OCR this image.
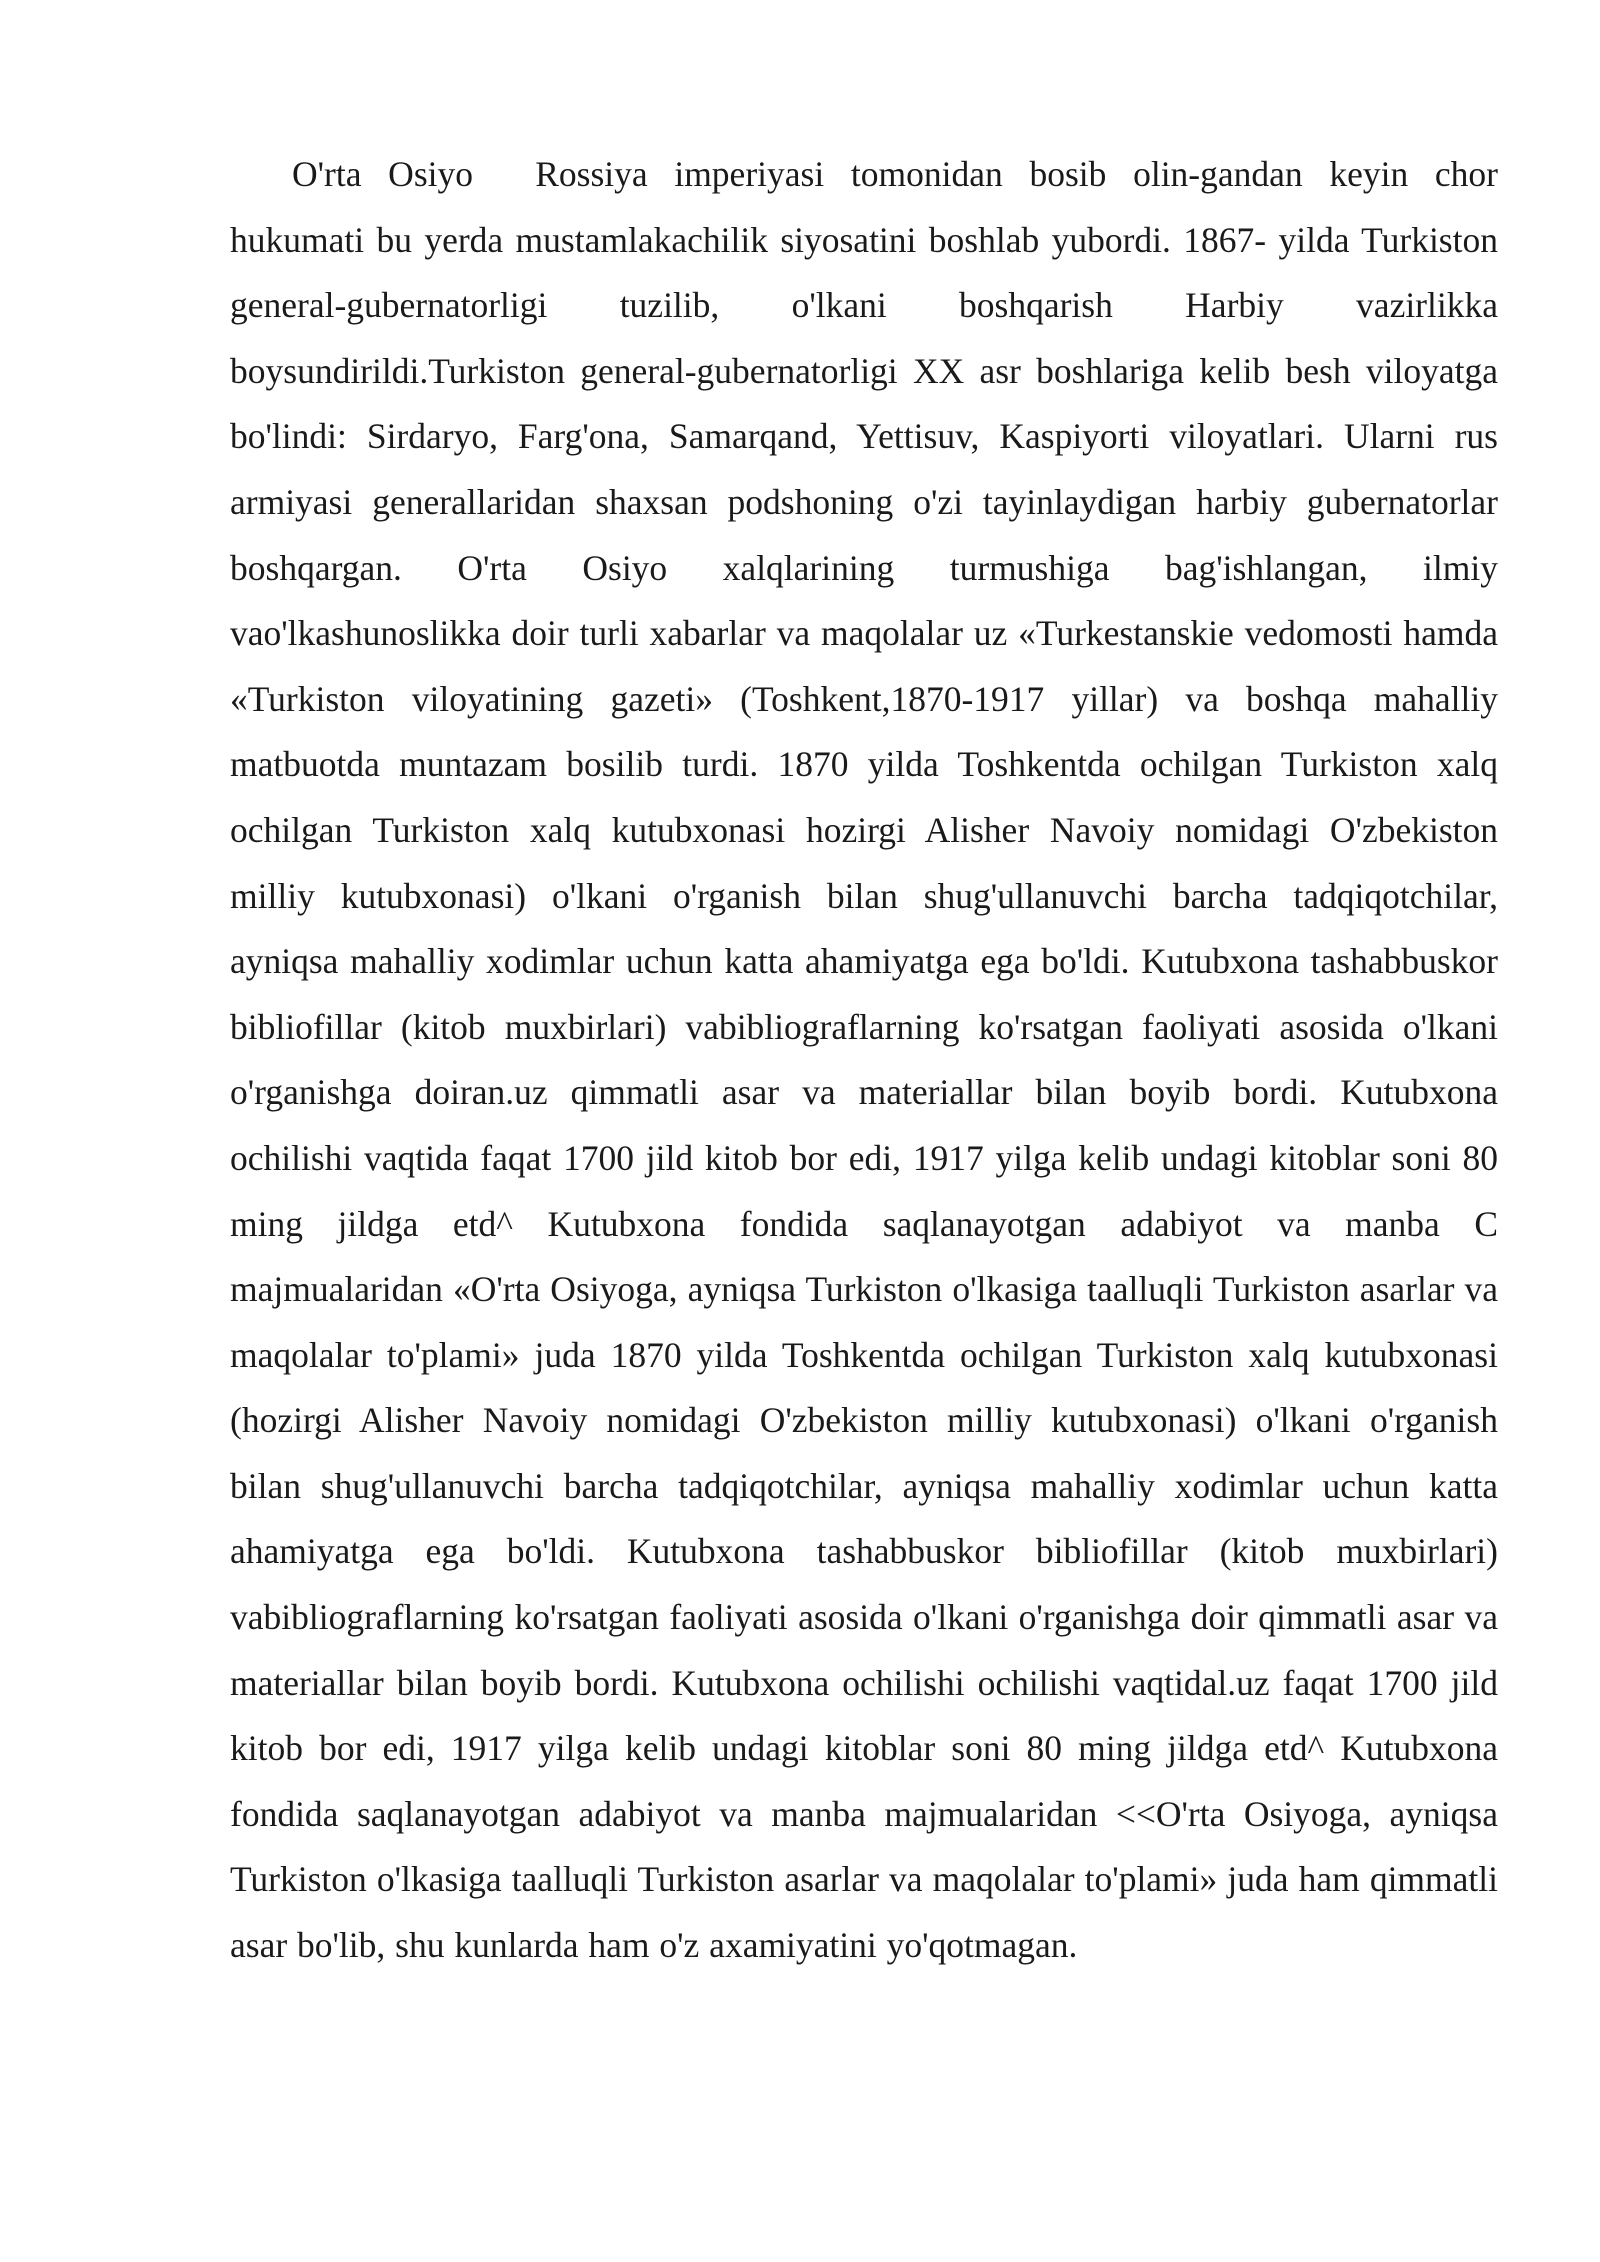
O'rta Osiyo  Rossiya imperiyasi tomonidan bosib olin-gandan keyin chor hukumati bu yerda mustamlakachilik siyosatini boshlab yubordi. 1867- yilda Turkiston general-gubernatorligi tuzilib, o'lkani boshqarish Harbiy vazirlikka boysundirildi.Turkiston general-gubernatorligi XX asr boshlariga kelib besh viloyatga bo'lindi: Sirdaryo, Farg'ona, Samarqand, Yettisuv, Kaspiyorti viloyatlari. Ularni rus armiyasi generallaridan shaxsan podshoning o'zi tayinlaydigan harbiy gubernatorlar boshqargan. O'rta Osiyo xalqlarining turmushiga bag'ishlangan, ilmiy vao'lkashunoslikka doir turli xabarlar va maqolalar uz «Turkestanskie vedomosti hamda «Turkiston viloyatining gazeti» (Toshkent,1870-1917 yillar) va boshqa mahalliy matbuotda muntazam bosilib turdi. 1870 yilda Toshkentda ochilgan Turkiston xalq ochilgan Turkiston xalq kutubxonasi hozirgi Alisher Navoiy nomidagi O'zbekiston milliy kutubxonasi) o'lkani o'rganish bilan shug'ullanuvchi barcha tadqiqotchilar, ayniqsa mahalliy xodimlar uchun katta ahamiyatga ega bo'ldi. Kutubxona tashabbuskor bibliofillar (kitob muxbirlari) vabibliograflarning ko'rsatgan faoliyati asosida o'lkani o'rganishga doiran.uz qimmatli asar va materiallar bilan boyib bordi. Kutubxona ochilishi vaqtida faqat 1700 jild kitob bor edi, 1917 yilga kelib undagi kitoblar soni 80 ming jildga etd^ Kutubxona fondida saqlanayotgan adabiyot va manba C majmualaridan «O'rta Osiyoga, ayniqsa Turkiston o'lkasiga taalluqli Turkiston asarlar va maqolalar to'plami» juda 1870 yilda Toshkentda ochilgan Turkiston xalq kutubxonasi (hozirgi Alisher Navoiy nomidagi O'zbekiston milliy kutubxonasi) o'lkani o'rganish bilan shug'ullanuvchi barcha tadqiqotchilar, ayniqsa mahalliy xodimlar uchun katta ahamiyatga ega bo'ldi. Kutubxona tashabbuskor bibliofillar (kitob muxbirlari) vabibliograflarning ko'rsatgan faoliyati asosida o'lkani o'rganishga doir qimmatli asar va materiallar bilan boyib bordi. Kutubxona ochilishi ochilishi vaqtidal.uz faqat 1700 jild kitob bor edi, 1917 yilga kelib undagi kitoblar soni 80 ming jildga etd^ Kutubxona fondida saqlanayotgan adabiyot va manba majmualaridan <<O'rta Osiyoga, ayniqsa Turkiston o'lkasiga taalluqli Turkiston asarlar va maqolalar to'plami» juda ham qimmatli asar bo'lib, shu kunlarda ham o'z axamiyatini yo'qotmagan.
